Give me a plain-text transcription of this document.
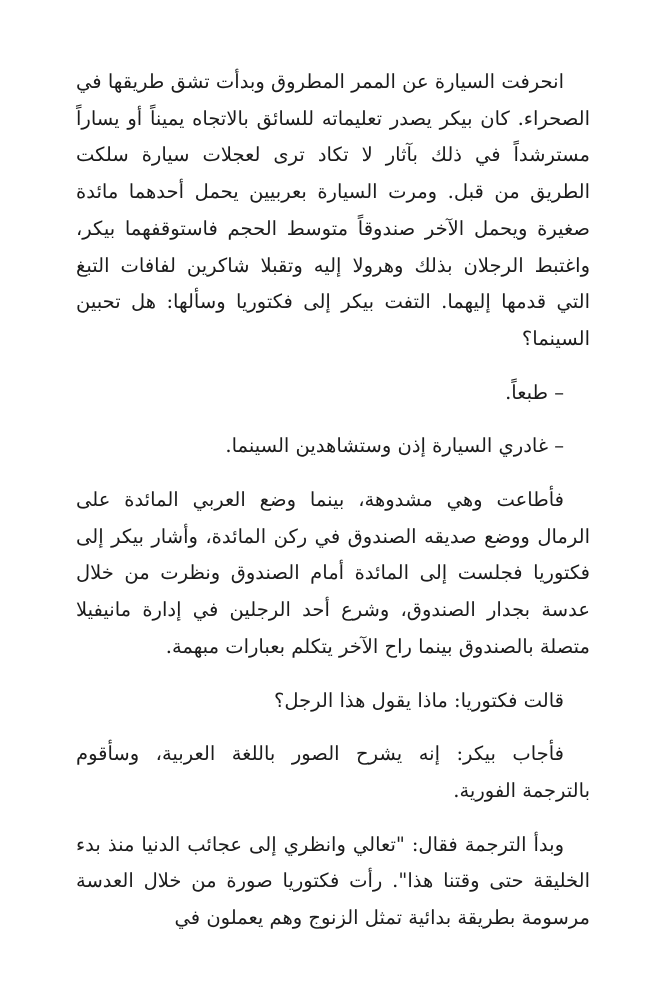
انحرفت السيارة عن الممر المطروق وبدأت تشق طريقها في الصحراء. كان بيكر يصدر تعليماته للسائق بالاتجاه يميناً أو يساراً مسترشداً في ذلك بآثار لا تكاد ترى لعجلات سيارة سلكت الطريق من قبل. ومرت السيارة بعربيين يحمل أحدهما مائدة صغيرة ويحمل الآخر صندوقاً متوسط الحجم فاستوقفهما بيكر، واغتبط الرجلان بذلك وهرولا إليه وتقبلا شاكرين لفافات التبغ التي قدمها إليهما. التفت بيكر إلى فكتوريا وسألها: هل تحبين السينما؟

– طبعاً.

– غادري السيارة إذن وستشاهدين السينما.

فأطاعت وهي مشدوهة، بينما وضع العربي المائدة على الرمال ووضع صديقه الصندوق في ركن المائدة، وأشار بيكر إلى فكتوريا فجلست إلى المائدة أمام الصندوق ونظرت من خلال عدسة بجدار الصندوق، وشرع أحد الرجلين في إدارة مانيفيلا متصلة بالصندوق بينما راح الآخر يتكلم بعبارات مبهمة.

قالت فكتوريا: ماذا يقول هذا الرجل؟

فأجاب بيكر: إنه يشرح الصور باللغة العربية، وسأقوم بالترجمة الفورية.

وبدأ الترجمة فقال: "تعالي وانظري إلى عجائب الدنيا منذ بدء الخليقة حتى وقتنا هذا". رأت فكتوريا صورة من خلال العدسة مرسومة بطريقة بدائية تمثل الزنوج وهم يعملون في
